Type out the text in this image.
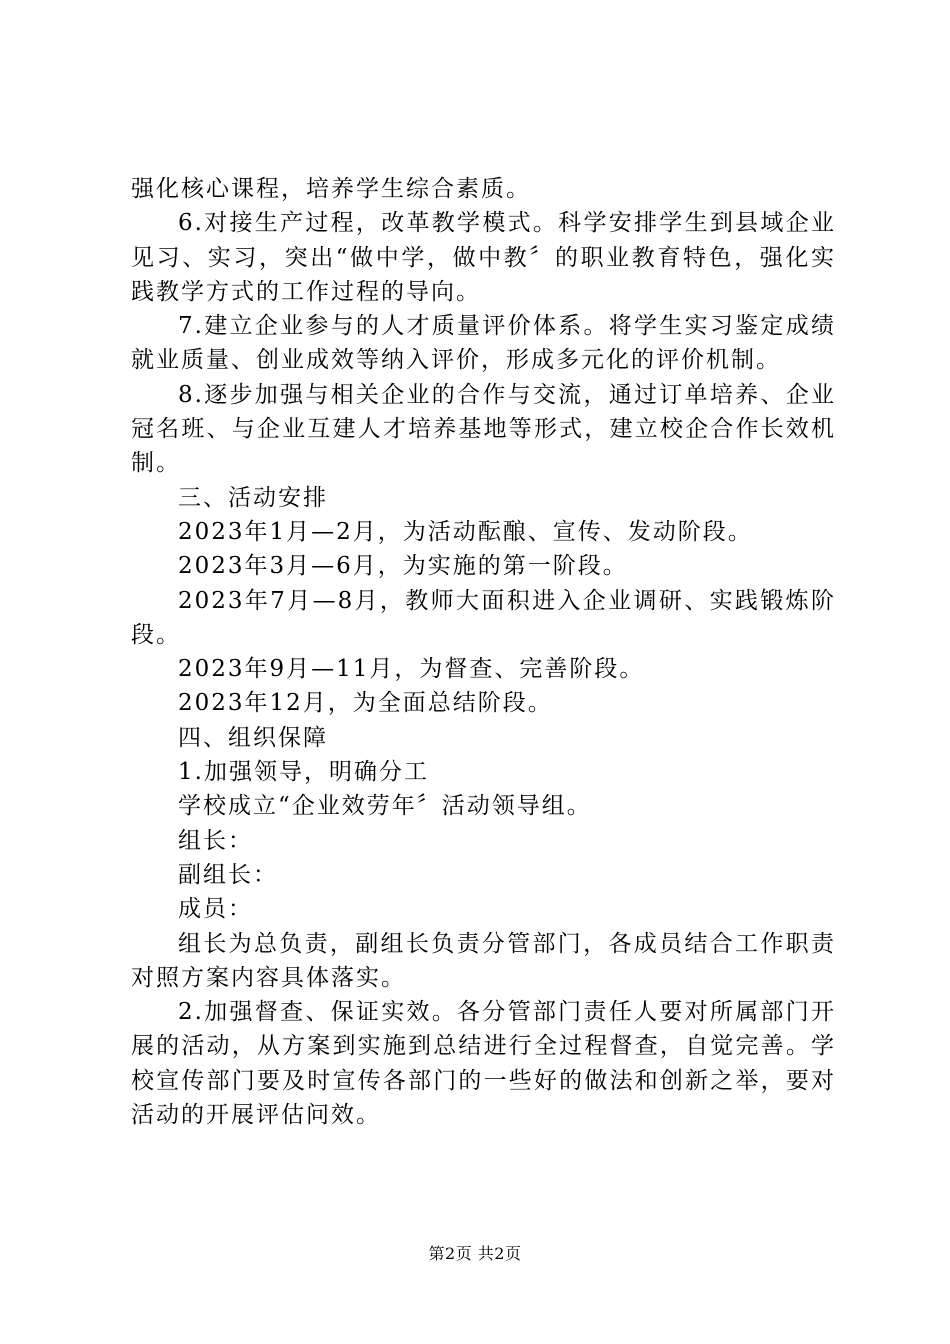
强化核心课程，培养学生综合素质。

6.对接生产过程，改革教学模式。科学安排学生到县域企业见习、实习，突出“做中学，做中教〞的职业教育特色，强化实践教学方式的工作过程的导向。

7.建立企业参与的人才质量评价体系。将学生实习鉴定成绩就业质量、创业成效等纳入评价，形成多元化的评价机制。

8.逐步加强与相关企业的合作与交流，通过订单培养、企业冠名班、与企业互建人才培养基地等形式，建立校企合作长效机制。

三、活动安排

2023年1月—2月，为活动酝酿、宣传、发动阶段。

2023年3月—6月，为实施的第一阶段。

2023年7月—8月，教师大面积进入企业调研、实践锻炼阶段。

2023年9月—11月，为督查、完善阶段。

2023年12月，为全面总结阶段。

四、组织保障

1.加强领导，明确分工

学校成立“企业效劳年〞活动领导组。

组长：

副组长：

成员：

组长为总负责，副组长负责分管部门，各成员结合工作职责对照方案内容具体落实。

2.加强督查、保证实效。各分管部门责任人要对所属部门开展的活动，从方案到实施到总结进行全过程督查，自觉完善。学校宣传部门要及时宣传各部门的一些好的做法和创新之举，要对活动的开展评估问效。

第2页 共2页
